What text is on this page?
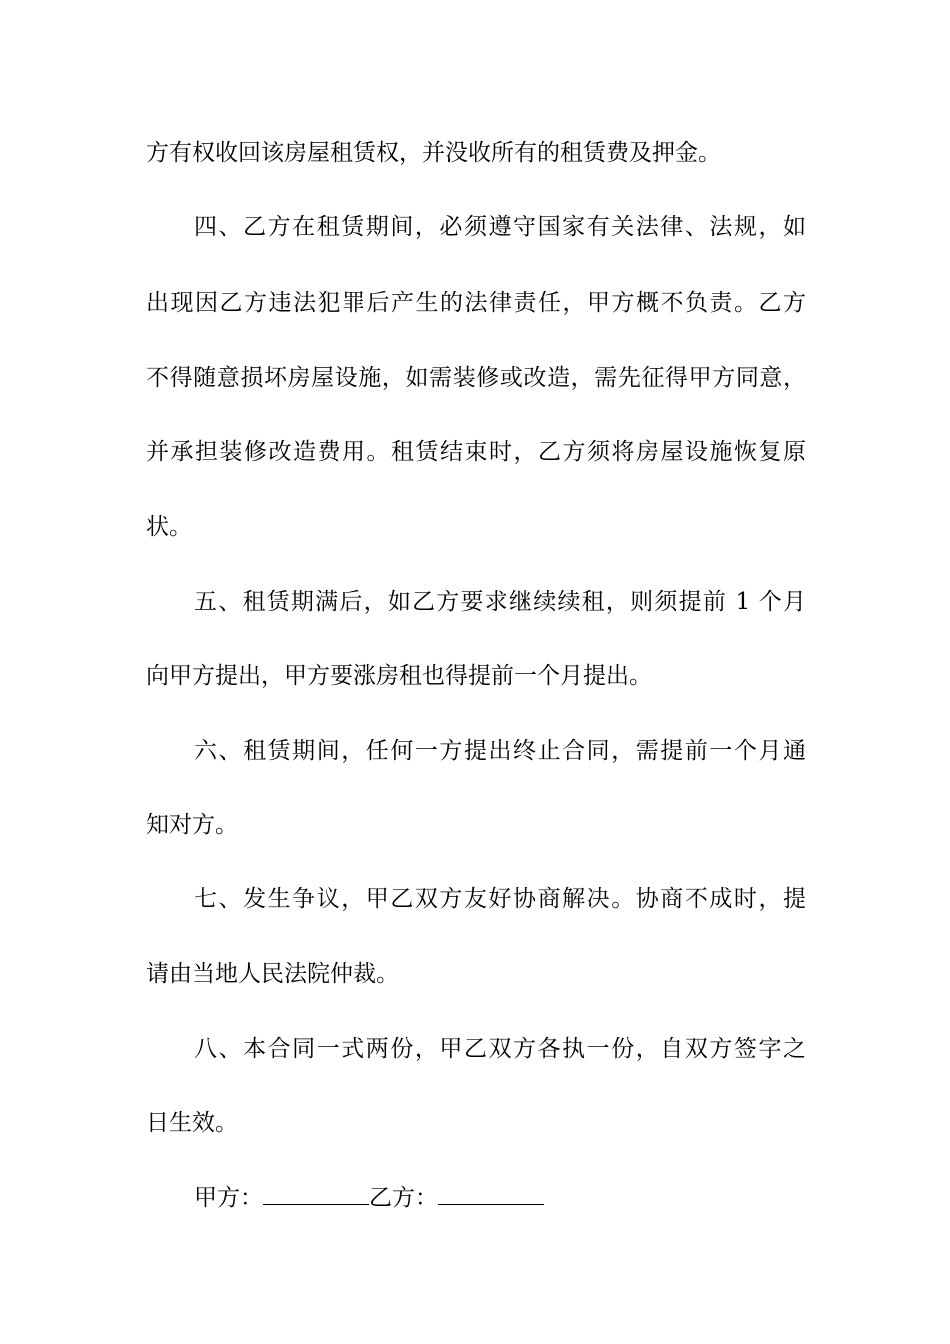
方有权收回该房屋租赁权，并没收所有的租赁费及押金。
四、乙方在租赁期间，必须遵守国家有关法律、法规，如
出现因乙方违法犯罪后产生的法律责任，甲方概不负责。乙方
不得随意损坏房屋设施，如需装修或改造，需先征得甲方同意，
并承担装修改造费用。租赁结束时，乙方须将房屋设施恢复原
状。
五、租赁期满后，如乙方要求继续续租，则须提前 1 个月
向甲方提出，甲方要涨房租也得提前一个月提出。
六、租赁期间，任何一方提出终止合同，需提前一个月通
知对方。
七、发生争议，甲乙双方友好协商解决。协商不成时，提
请由当地人民法院仲裁。
八、本合同一式两份，甲乙双方各执一份，自双方签字之
日生效。
甲方：	乙方：
